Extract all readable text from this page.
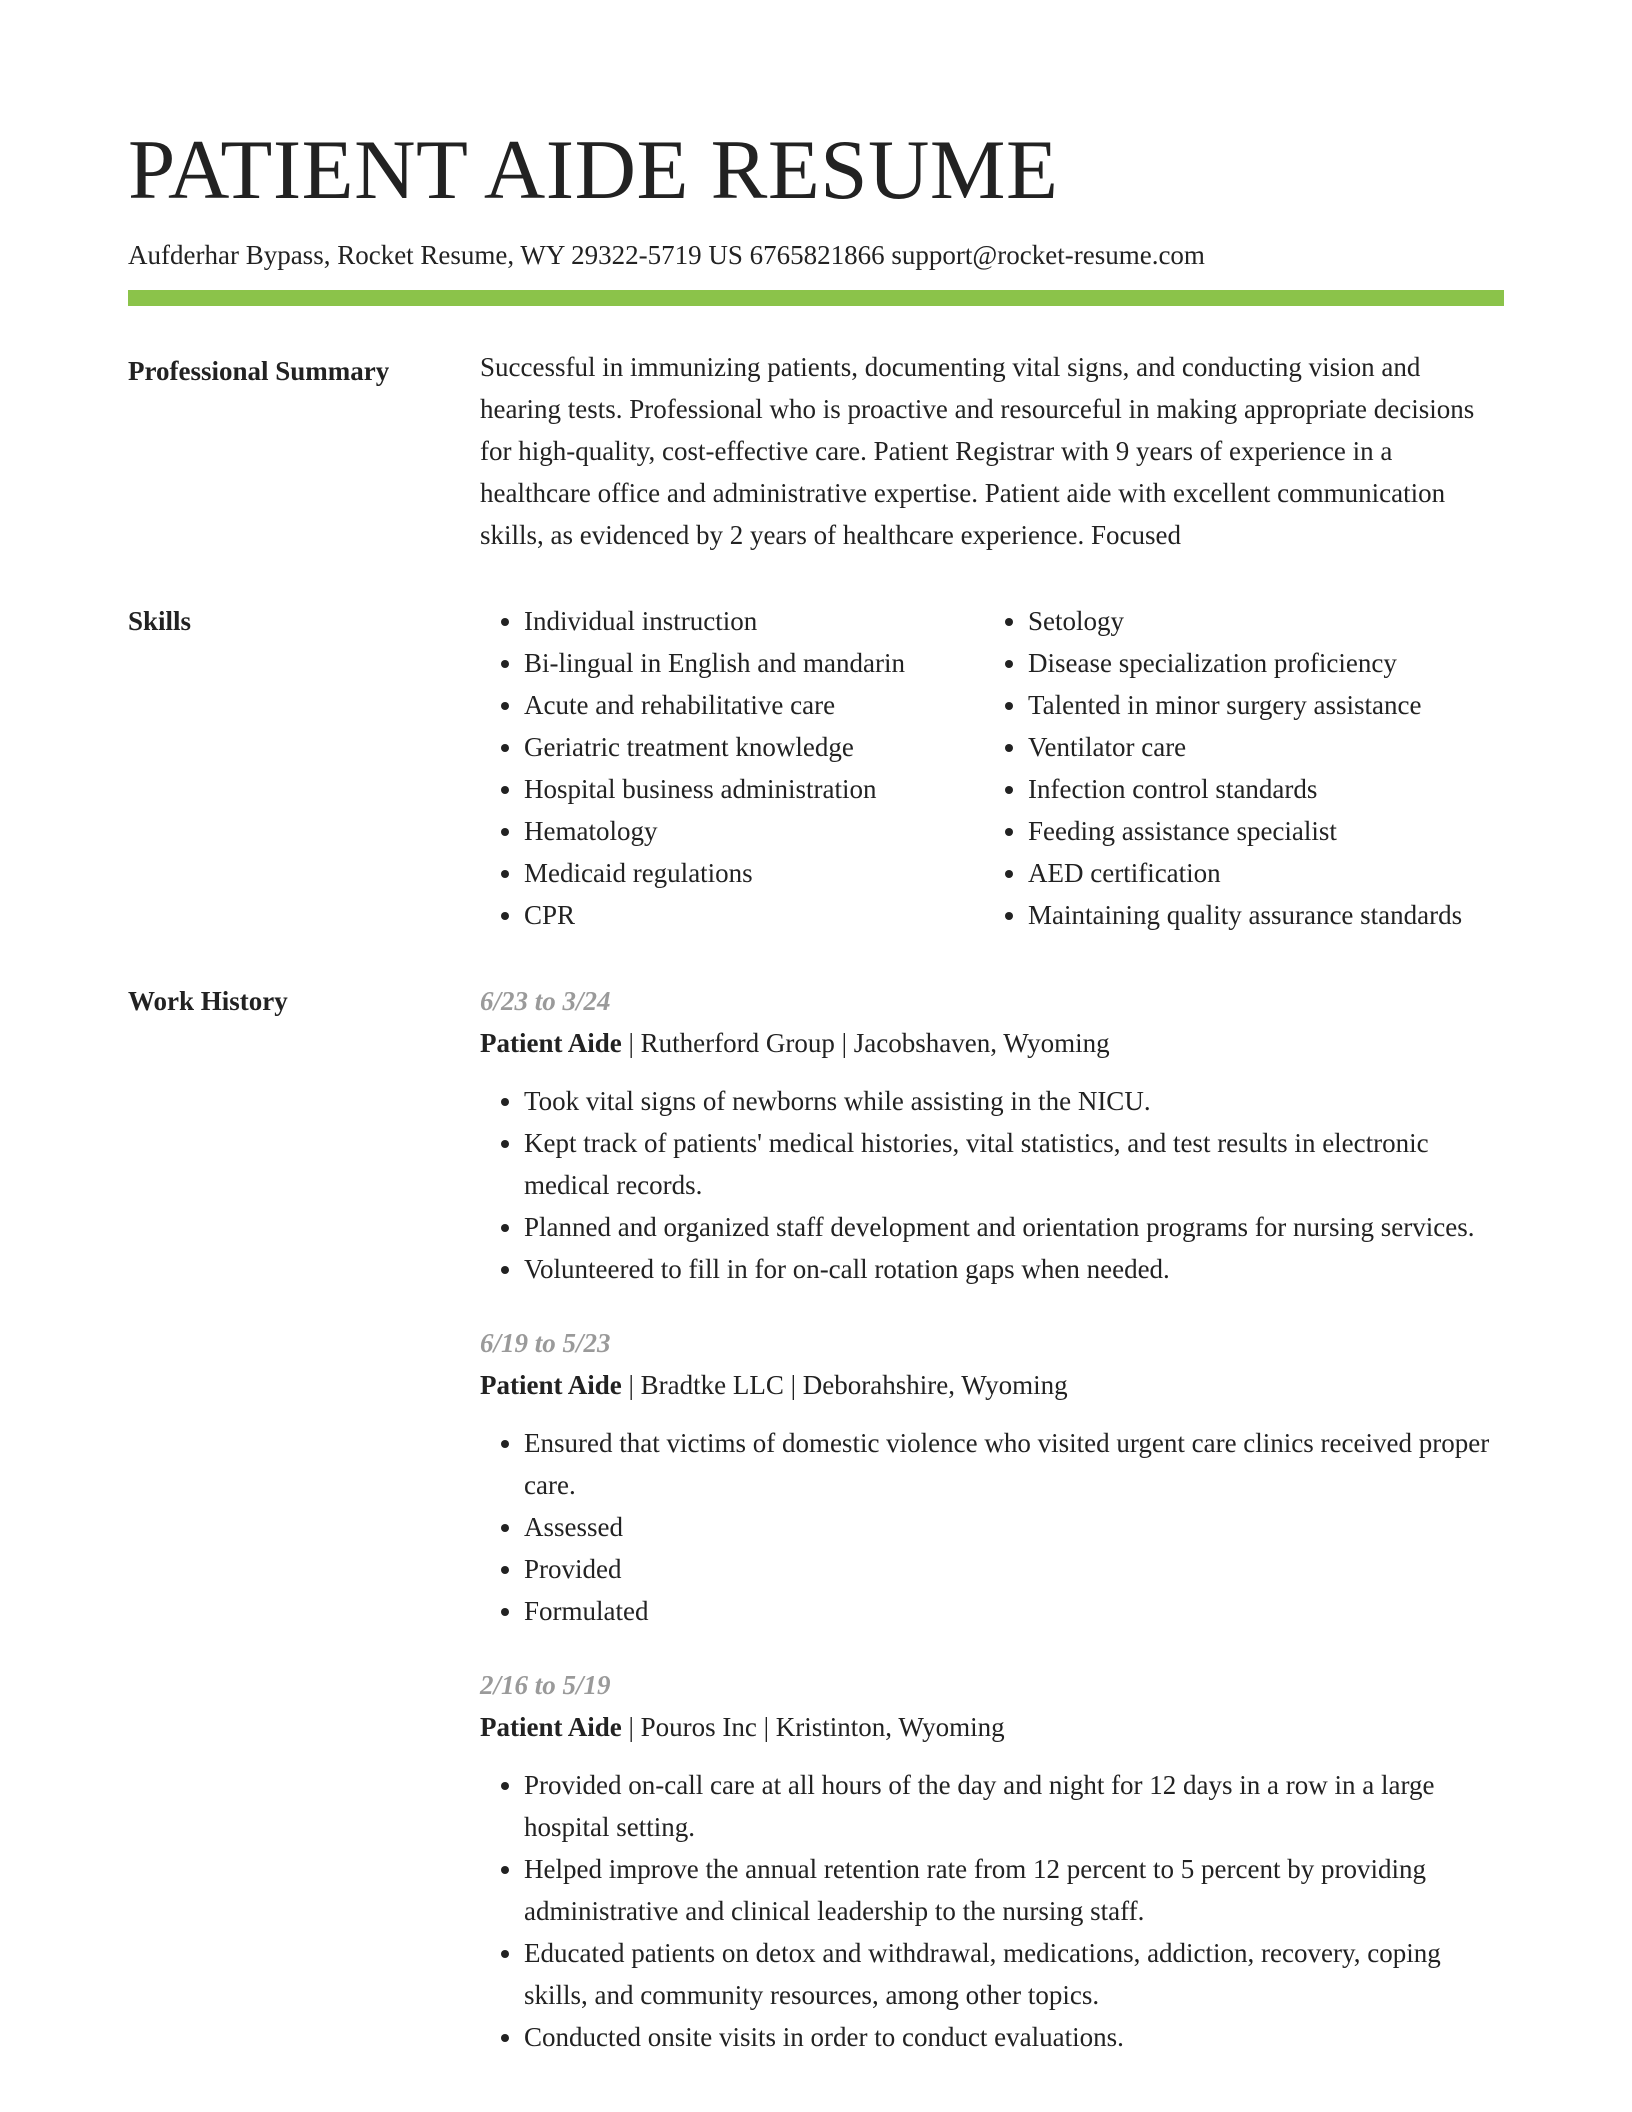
PATIENT AIDE RESUME
Aufderhar Bypass, Rocket Resume, WY 29322-5719 US 6765821866 support@rocket-resume.com
Professional Summary	Successful in immunizing patients, documenting vital signs, and conducting vision and hearing tests. Professional who is proactive and resourceful in making appropriate decisions for high-quality, cost-effective care. Patient Registrar with 9 years of experience in a healthcare office and administrative expertise. Patient aide with excellent communication skills, as evidenced by 2 years of healthcare experience. Focused

Skills
•	Individual instruction
• Bi-lingual in English and mandarin
• Acute and rehabilitative care
• Geriatric treatment knowledge
• Hospital business administration
• Hematology
• Medicaid regulations
• CPR
• Setology
• Disease specialization proficiency
• Talented in minor surgery assistance
• Ventilator care
• Infection control standards
• Feeding assistance specialist
• AED certification
• Maintaining quality assurance standards
Work History	6/23 to 3/24
Patient Aide | Rutherford Group | Jacobshaven, Wyoming
• Took vital signs of newborns while assisting in the NICU.
• Kept track of patients' medical histories, vital statistics, and test results in electronic medical records.
• Planned and organized staff development and orientation programs for nursing services.
• Volunteered to fill in for on-call rotation gaps when needed.
6/19 to 5/23
Patient Aide | Bradtke LLC | Deborahshire, Wyoming
• Ensured that victims of domestic violence who visited urgent care clinics received proper care.
• Assessed
• Provided
• Formulated
2/16 to 5/19
Patient Aide | Pouros Inc | Kristinton, Wyoming
• Provided on-call care at all hours of the day and night for 12 days in a row in a large hospital setting.
• Helped improve the annual retention rate from 12 percent to 5 percent by providing administrative and clinical leadership to the nursing staff.
• Educated patients on detox and withdrawal, medications, addiction, recovery, coping skills, and community resources, among other topics.
• Conducted onsite visits in order to conduct evaluations.
